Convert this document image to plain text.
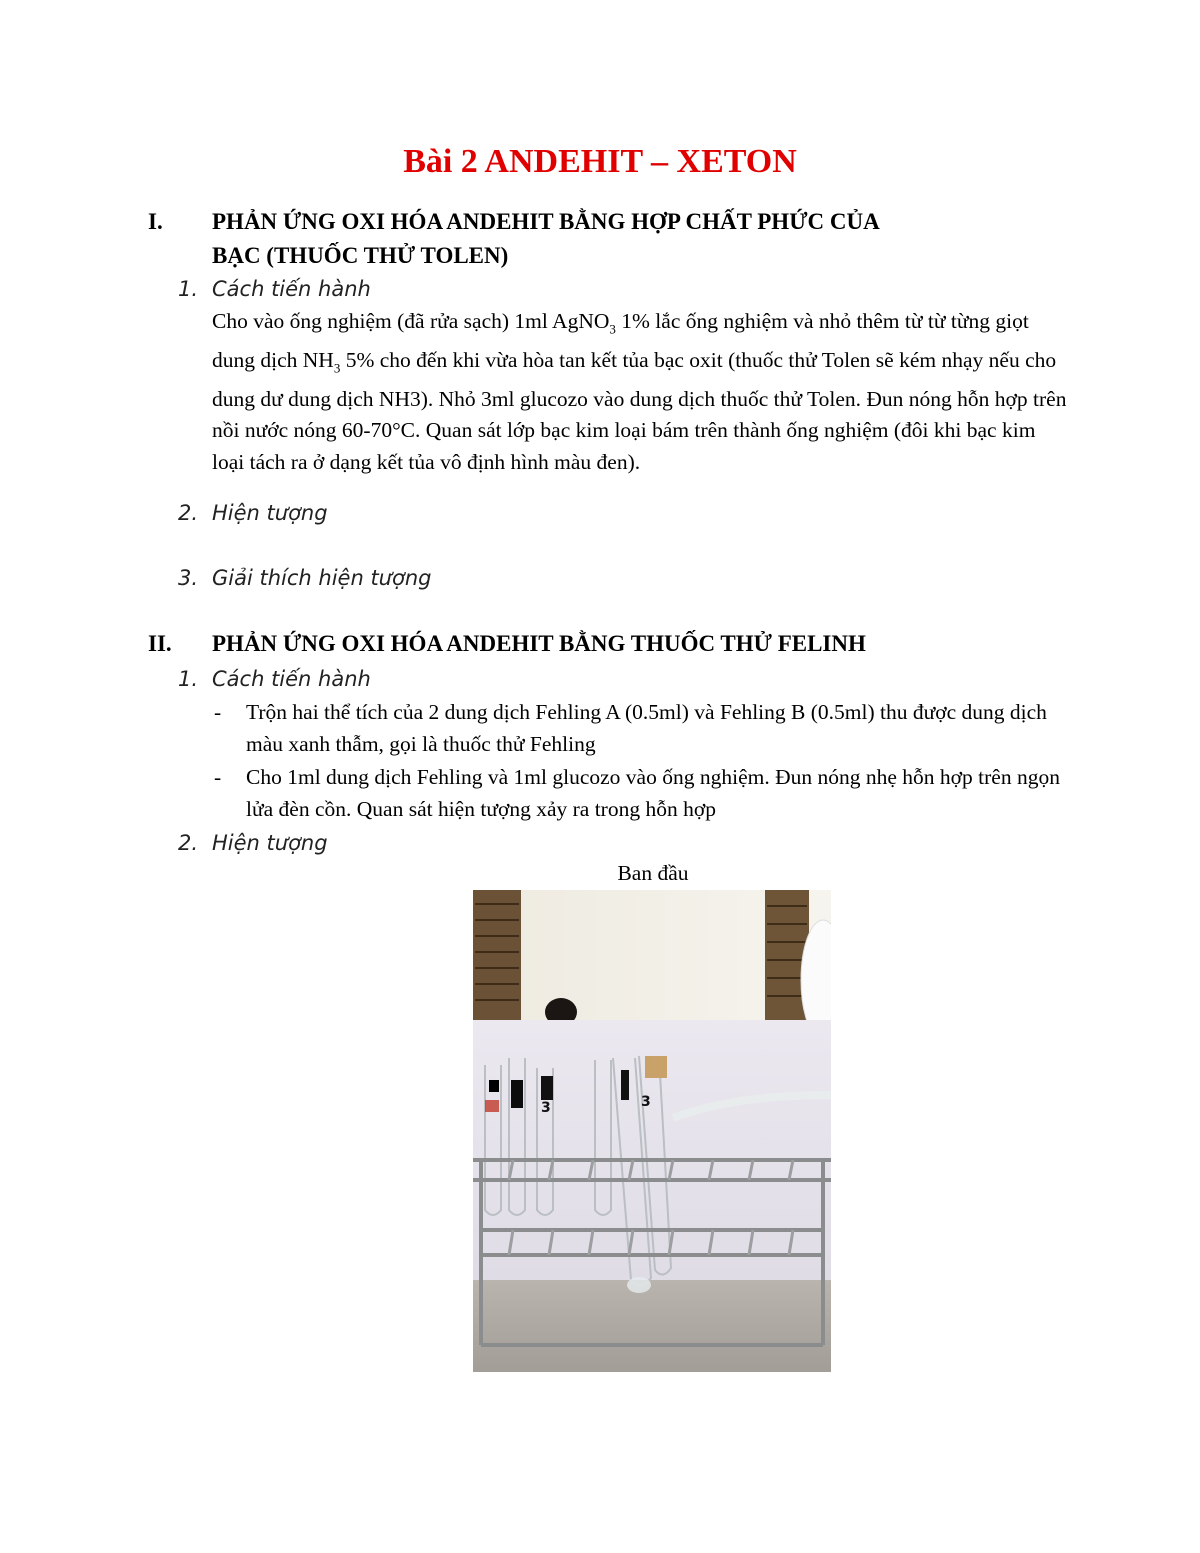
Bài 2 ANDEHIT – XETON
I. PHẢN ỨNG OXI HÓA ANDEHIT BẰNG HỢP CHẤT PHỨC CỦA
BẠC (THUỐC THỬ TOLEN)
1. Cách tiến hành
Cho vào ống nghiệm (đã rửa sạch) 1ml AgNO$_3$ 1% lắc ống nghiệm và nhỏ thêm từ từ từng giọt dung dịch $NH_3$ 5% cho đến khi vừa hòa tan kết tủa bạc oxit (thuốc thử Tolen sẽ kém nhạy nếu cho dung dư dung dịch NH3). Nhỏ 3ml glucozo vào dung dịch thuốc thử Tolen. Đun nóng hỗn hợp trên nồi nước nóng 60-70°C. Quan sát lớp bạc kim loại bám trên thành ống nghiệm (đôi khi bạc kim loại tách ra ở dạng kết tủa vô định hình màu đen).
2. Hiện tượng
3. Giải thích hiện tượng
II. PHẢN ỨNG OXI HÓA ANDEHIT BẰNG THUỐC THỬ FELINH
1. Cách tiến hành
- Trộn hai thể tích của 2 dung dịch Fehling A (0.5ml) và Fehling B (0.5ml) thu được dung dịch màu xanh thẫm, gọi là thuốc thử Fehling
- Cho 1ml dung dịch Fehling và 1ml glucozo vào ống nghiệm. Đun nóng nhẹ hỗn hợp trên ngọn lửa đèn cồn. Quan sát hiện tượng xảy ra trong hỗn hợp
2. Hiện tượng
Ban đầu
3	3
